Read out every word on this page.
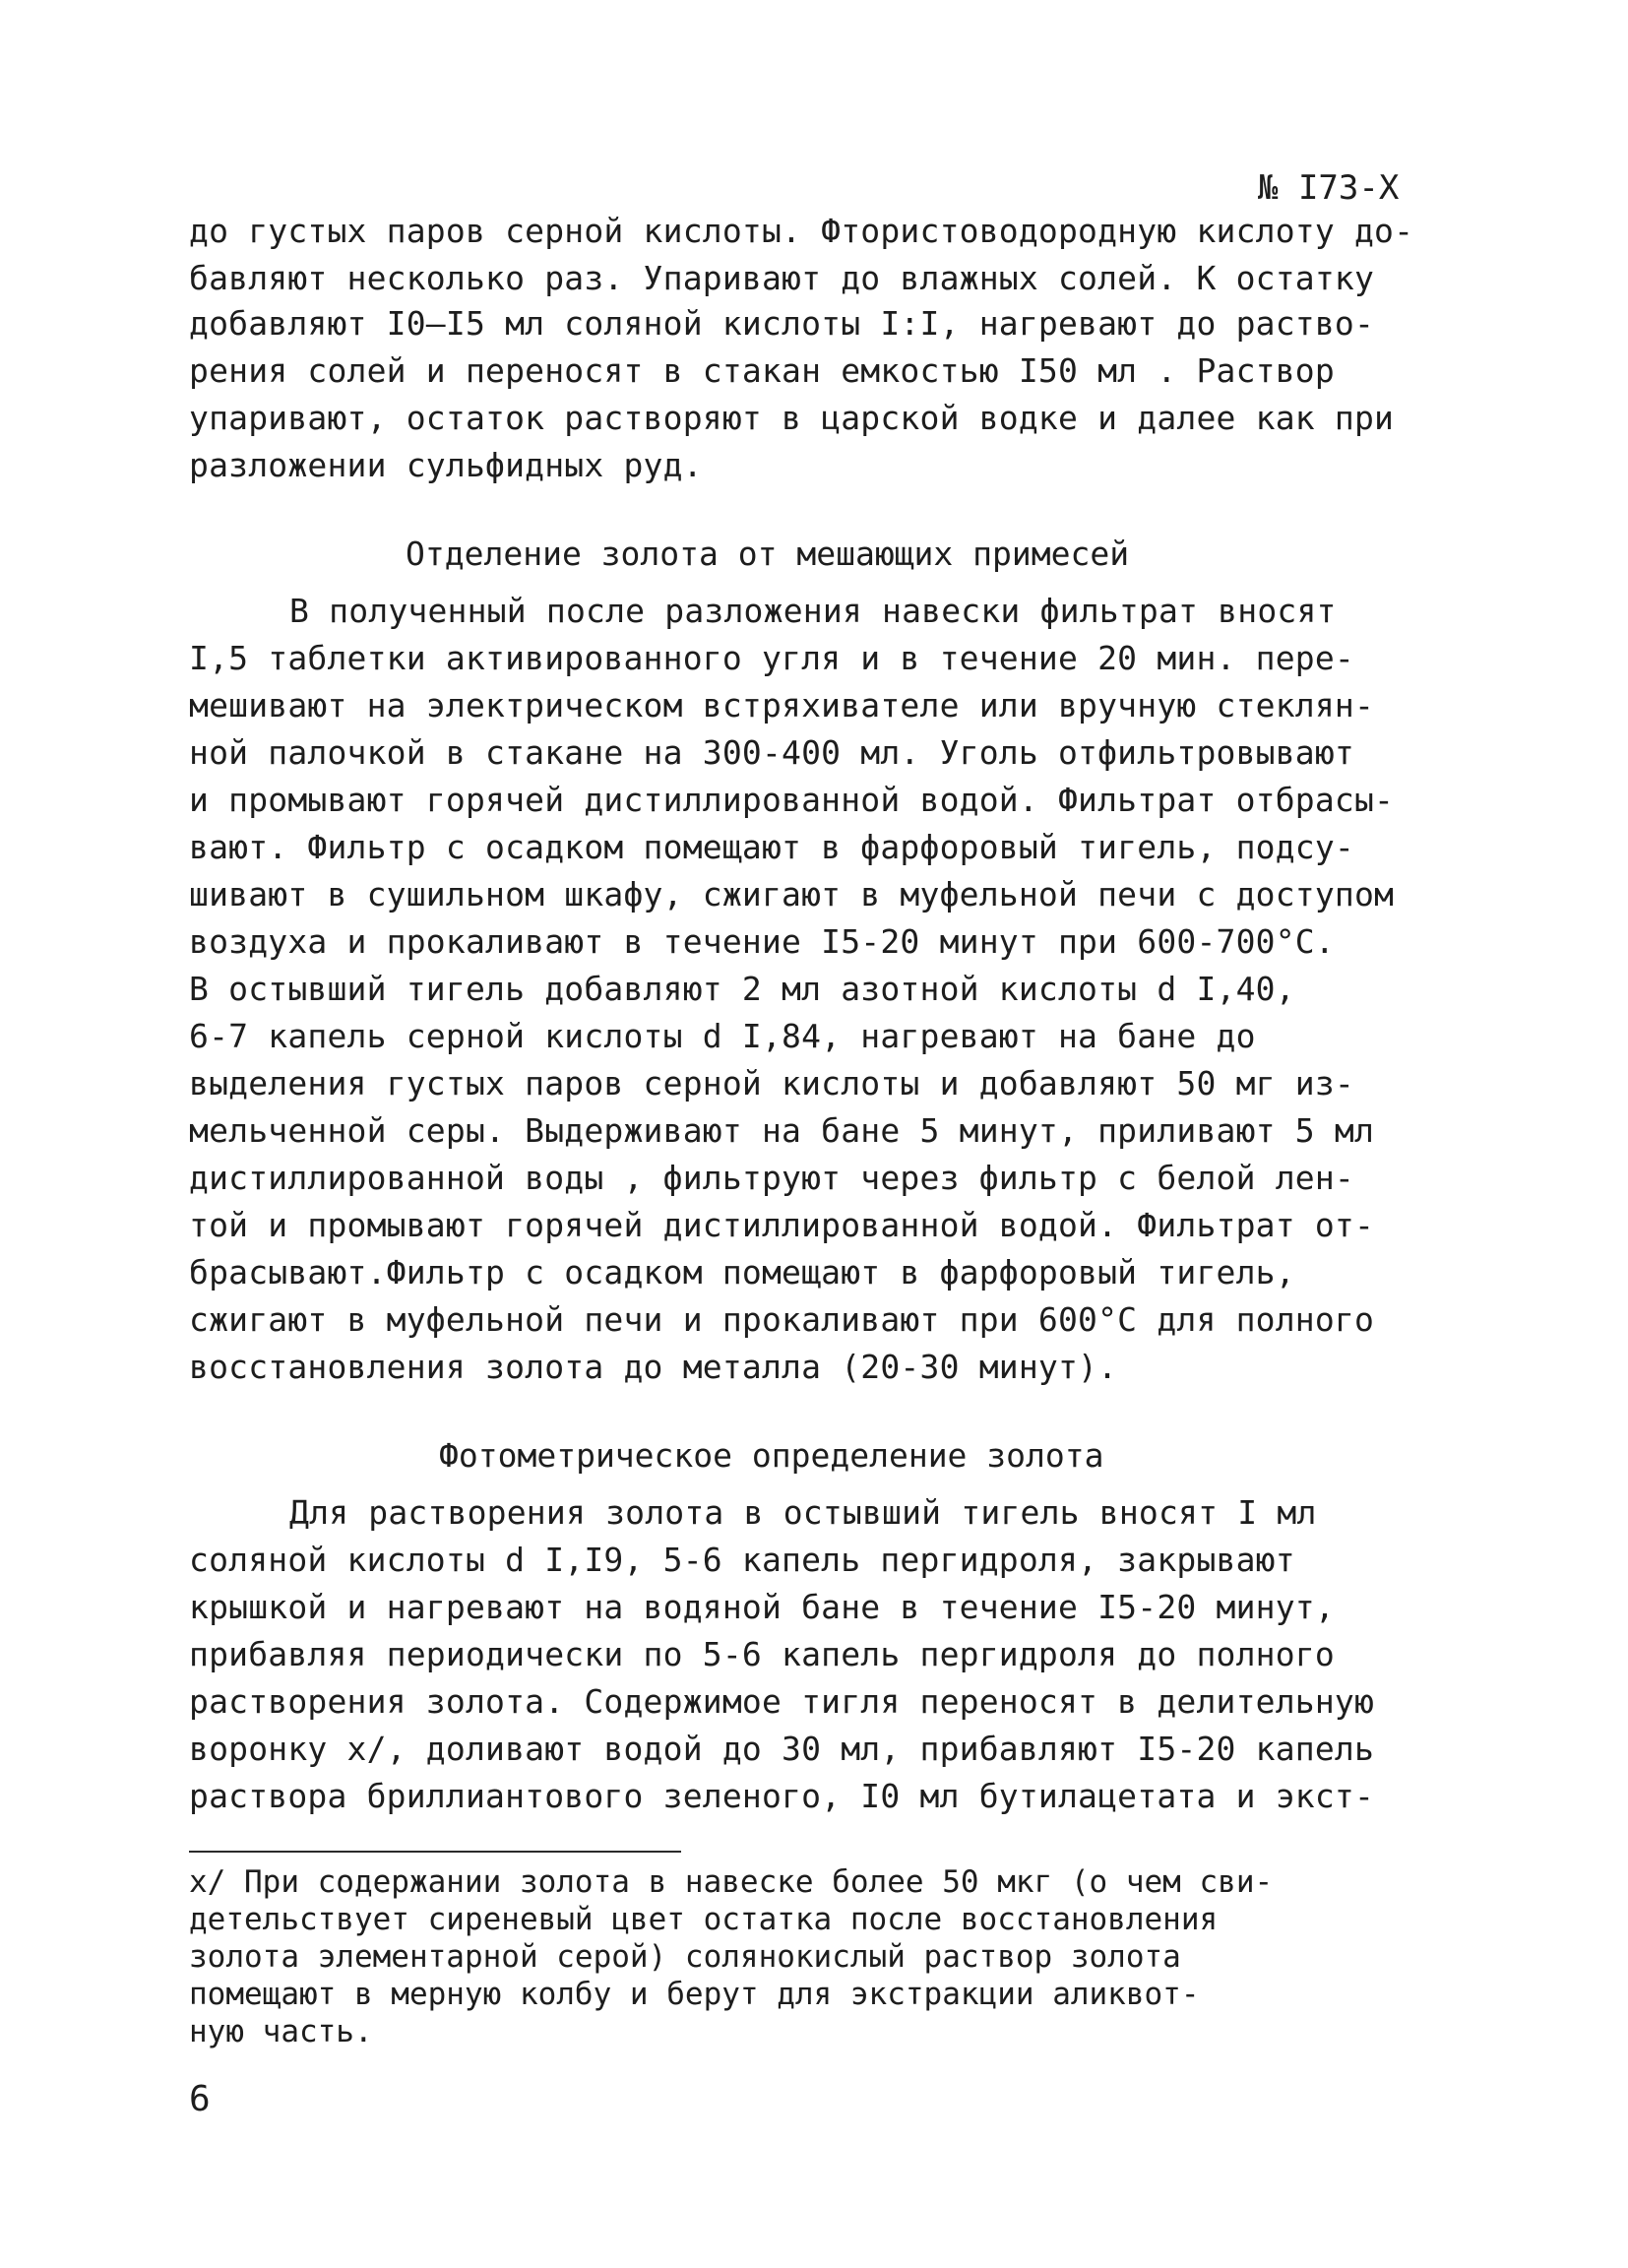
№ I73-X
до густых паров серной кислоты. Фтористоводородную кислоту до-
бавляют несколько раз. Упаривают до влажных солей. К остатку
добавляют I0–I5 мл соляной кислоты I:I, нагревают до раство-
рения солей и переносят в стакан емкостью I50 мл . Раствор
упаривают, остаток растворяют в царской водке и далее как при
разложении сульфидных руд.
Отделение золота от мешающих примесей
В полученный после разложения навески фильтрат вносят
I,5 таблетки активированного угля и в течение 20 мин. пере-
мешивают на электрическом встряхивателе или вручную стеклян-
ной палочкой в стакане на 300-400 мл. Уголь отфильтровывают
и промывают горячей дистиллированной водой. Фильтрат отбрасы-
вают. Фильтр с осадком помещают в фарфоровый тигель, подсу-
шивают в сушильном шкафу, сжигают в муфельной печи с доступом
воздуха и прокаливают в течение I5-20 минут при 600-700°С.
В остывший тигель добавляют 2 мл азотной кислоты d I,40,
6-7 капель серной кислоты d I,84, нагревают на бане до
выделения густых паров серной кислоты и добавляют 50 мг из-
мельченной серы. Выдерживают на бане 5 минут, приливают 5 мл
дистиллированной воды , фильтруют через фильтр с белой лен-
той и промывают горячей дистиллированной водой. Фильтрат от-
брасывают.Фильтр с осадком помещают в фарфоровый тигель,
сжигают в муфельной печи и прокаливают при 600°С для полного
восстановления золота до металла (20-30 минут).
Фотометрическое определение золота
Для растворения золота в остывший тигель вносят I мл
соляной кислоты d I,I9, 5-6 капель пергидроля, закрывают
крышкой и нагревают на водяной бане в течение I5-20 минут,
прибавляя периодически по 5-6 капель пергидроля до полного
растворения золота. Содержимое тигля переносят в делительную
воронку x/, доливают водой до 30 мл, прибавляют I5-20 капель
раствора бриллиантового зеленого, I0 мл бутилацетата и экст-
x/ При содержании золота в навеске более 50 мкг (о чем сви-
детельствует сиреневый цвет остатка после восстановления
золота элементарной серой) солянокислый раствор золота
помещают в мерную колбу и берут для экстракции аликвот-
ную часть.
6
